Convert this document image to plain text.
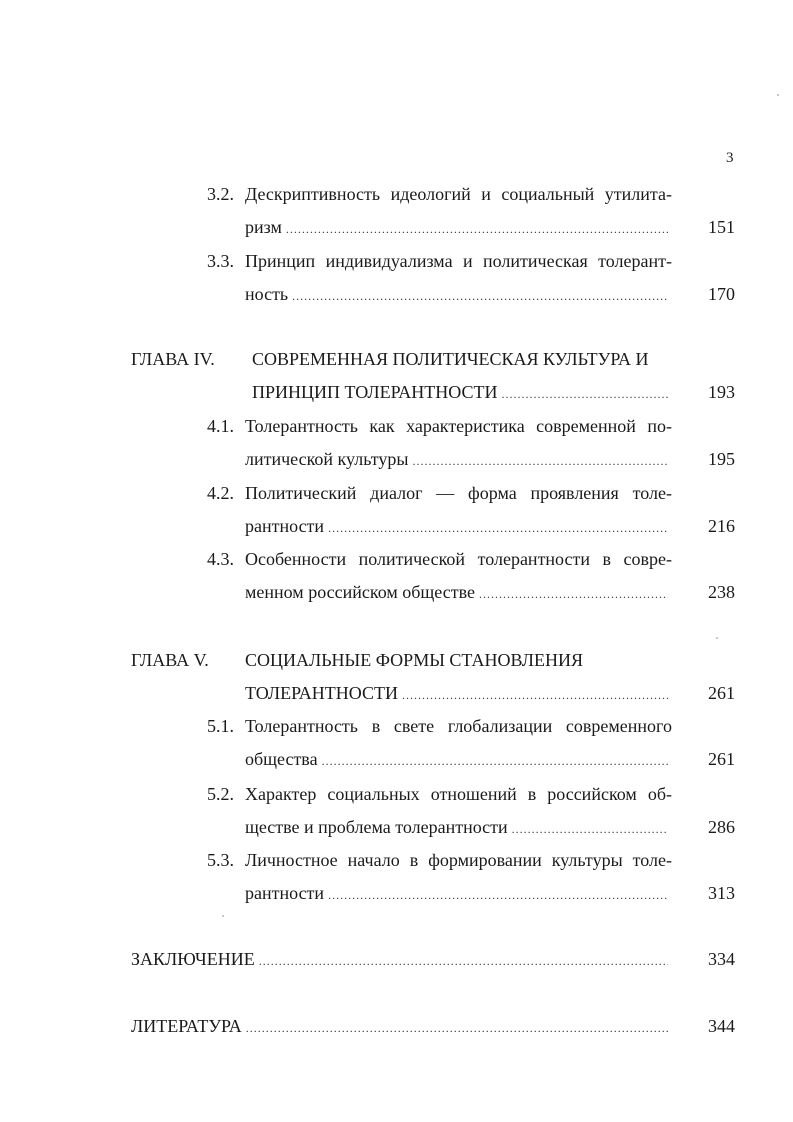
3
3.2. Дескриптивность идеологий и социальный утилита-
ризм .....	151
3.3. Принцип индивидуализма и политическая толерант-
ность .....	170
ГЛАВА IV. СОВРЕМЕННАЯ ПОЛИТИЧЕСКАЯ КУЛЬТУРА И
ПРИНЦИП ТОЛЕРАНТНОСТИ .....	193
4.1. Толерантность как характеристика современной по-
литической культуры .....	195
4.2. Политический диалог — форма проявления толе-
рантности .....	216
4.3. Особенности политической толерантности в совре-
менном российском обществе .....	238
ГЛАВА V. СОЦИАЛЬНЫЕ ФОРМЫ СТАНОВЛЕНИЯ
ТОЛЕРАНТНОСТИ .....	261
5.1. Толерантность в свете глобализации современного
общества .....	261
5.2. Характер социальных отношений в российском об-
ществе и проблема толерантности .....	286
5.3. Личностное начало в формировании культуры толе-
рантности .....	313
ЗАКЛЮЧЕНИЕ .....	334
ЛИТЕРАТУРА .....	344
